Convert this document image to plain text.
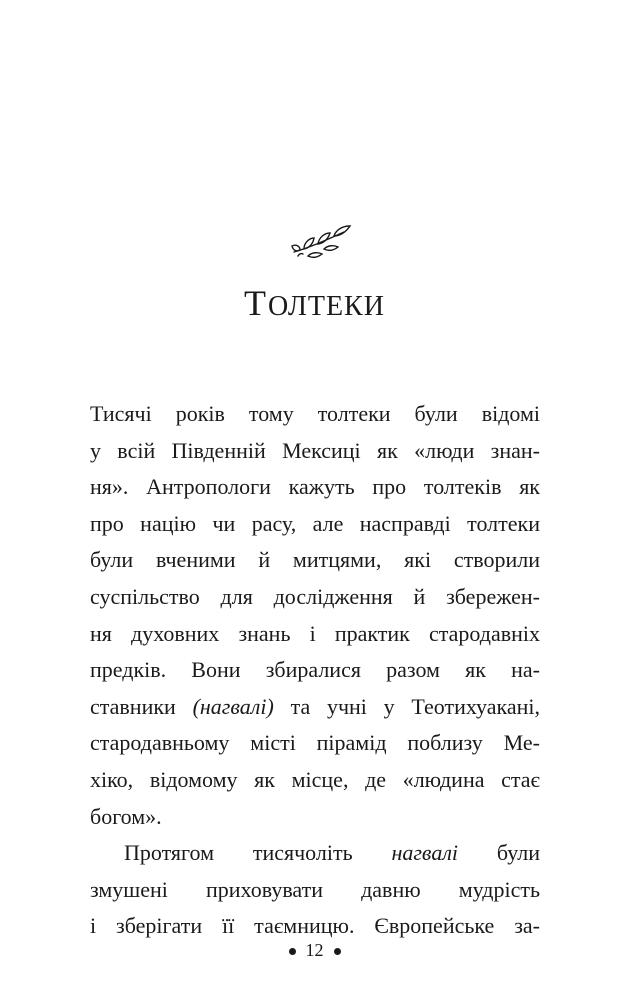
ТОЛТЕКИ
Тисячі років тому толтеки були відомі
у всій Південній Мексиці як «люди знан-
ня». Антропологи кажуть про толтеків як
про націю чи расу, але насправді толтеки
були вченими й митцями, які створили
суспільство для дослідження й збережен-
ня духовних знань і практик стародавніх
предків. Вони збиралися разом як на-
ставники (нагвалі) та учні у Теотихуакані,
стародавньому місті пірамід поблизу Ме-
хіко, відомому як місце, де «людина стає
богом».
Протягом тисячоліть нагвалі були
змушені приховувати давню мудрість
і зберігати її таємницю. Європейське за-
12
